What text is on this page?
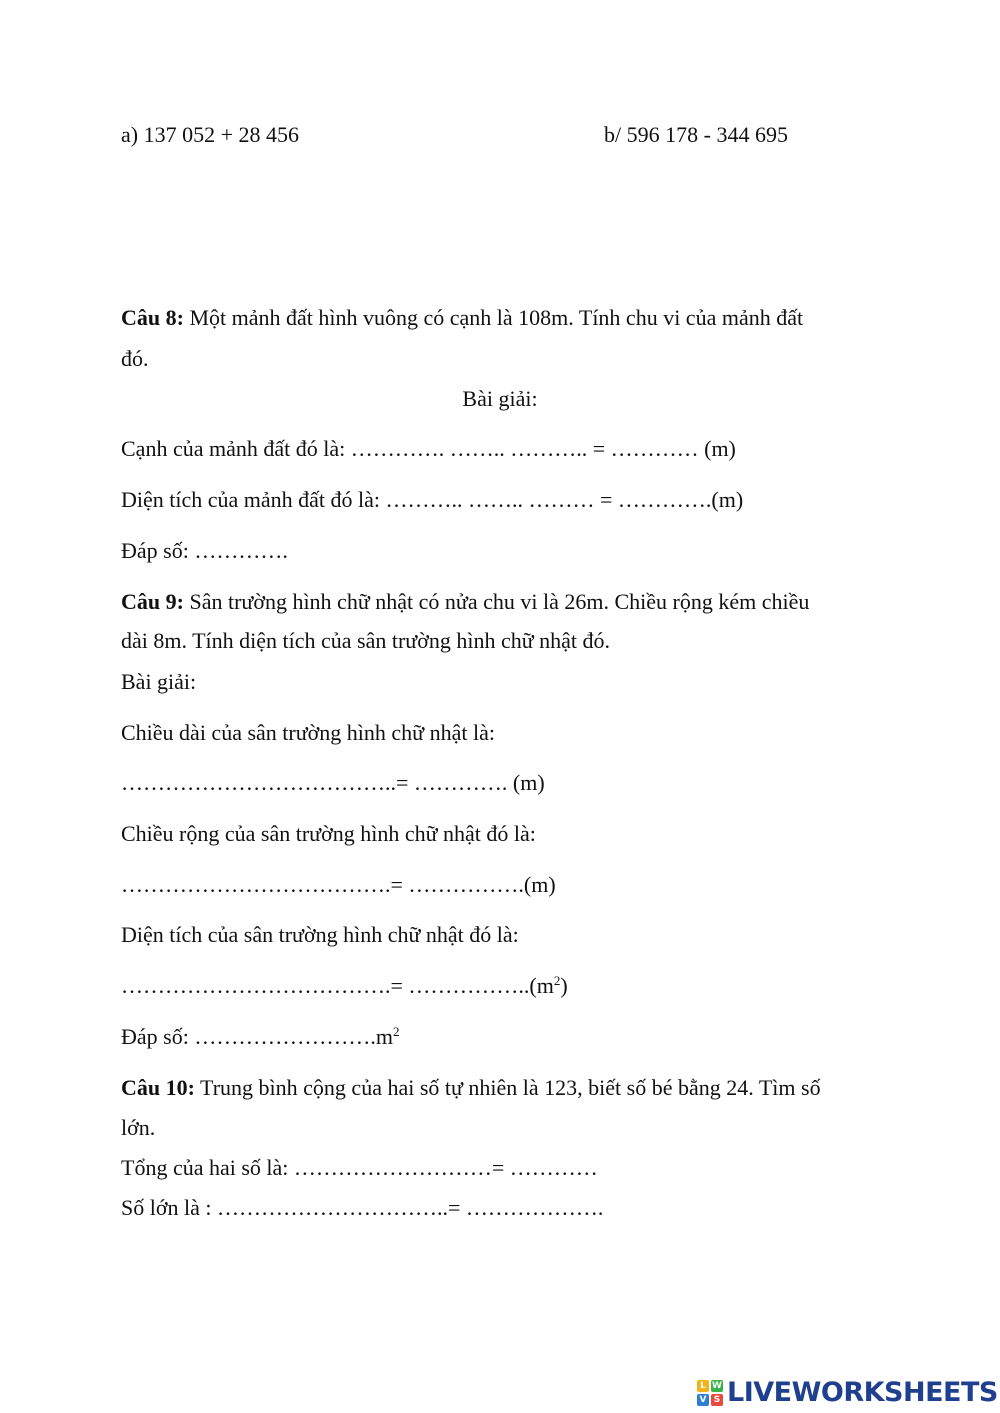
a) 137 052 + 28 456	b/ 596 178 - 344 695
Câu 8: Một mảnh đất hình vuông có cạnh là 108m. Tính chu vi của mảnh đất
đó.
Bài giải:
Cạnh của mảnh đất đó là: …………. …….. ……….. = ………… (m)
Diện tích của mảnh đất đó là: ……….. …….. ……… = ………….(m)
Đáp số: ………….
Câu 9: Sân trường hình chữ nhật có nửa chu vi là 26m. Chiều rộng kém chiều
dài 8m. Tính diện tích của sân trường hình chữ nhật đó.
Bài giải:
Chiều dài của sân trường hình chữ nhật là:
………………………………..= …………. (m)
Chiều rộng của sân trường hình chữ nhật đó là:
……………………………….= …………….(m)
Diện tích của sân trường hình chữ nhật đó là:
……………………………….= $\dots\dots\dots\dots\dots..(m^2)$
Đáp số: $\dots\dots\dots\dots\dots\dots\dots\dots.m^2$
Câu 10: Trung bình cộng của hai số tự nhiên là 123, biết số bé bằng 24. Tìm số
lớn.
Tổng của hai số là: ………………………= …………
Số lớn là : …………………………..= ……………….
L W
V S LIVEWORKSHEETS
